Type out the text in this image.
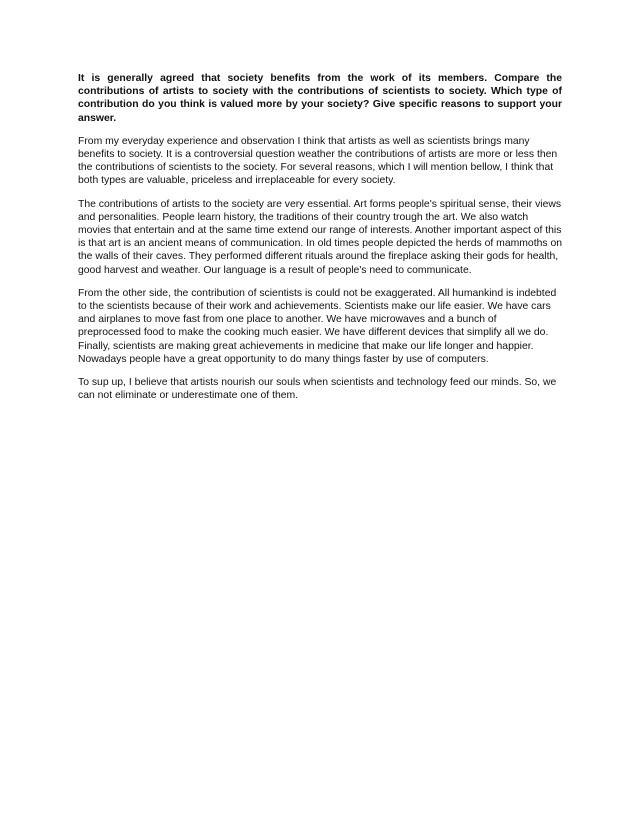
It is generally agreed that society benefits from the work of its members. Compare the contributions of artists to society with the contributions of scientists to society. Which type of contribution do you think is valued more by your society? Give specific reasons to support your answer.

From my everyday experience and observation I think that artists as well as scientists brings many benefits to society. It is a controversial question weather the contributions of artists are more or less then the contributions of scientists to the society. For several reasons, which I will mention bellow, I think that both types are valuable, priceless and irreplaceable for every society.

The contributions of artists to the society are very essential. Art forms people's spiritual sense, their views and personalities. People learn history, the traditions of their country trough the art. We also watch movies that entertain and at the same time extend our range of interests. Another important aspect of this is that art is an ancient means of communication. In old times people depicted the herds of mammoths on the walls of their caves. They performed different rituals around the fireplace asking their gods for health, good harvest and weather. Our language is a result of people's need to communicate.

From the other side, the contribution of scientists is could not be exaggerated. All humankind is indebted to the scientists because of their work and achievements. Scientists make our life easier. We have cars and airplanes to move fast from one place to another. We have microwaves and a bunch of preprocessed food to make the cooking much easier. We have different devices that simplify all we do. Finally, scientists are making great achievements in medicine that make our life longer and happier. Nowadays people have a great opportunity to do many things faster by use of computers.

To sup up, I believe that artists nourish our souls when scientists and technology feed our minds. So, we can not eliminate or underestimate one of them.
